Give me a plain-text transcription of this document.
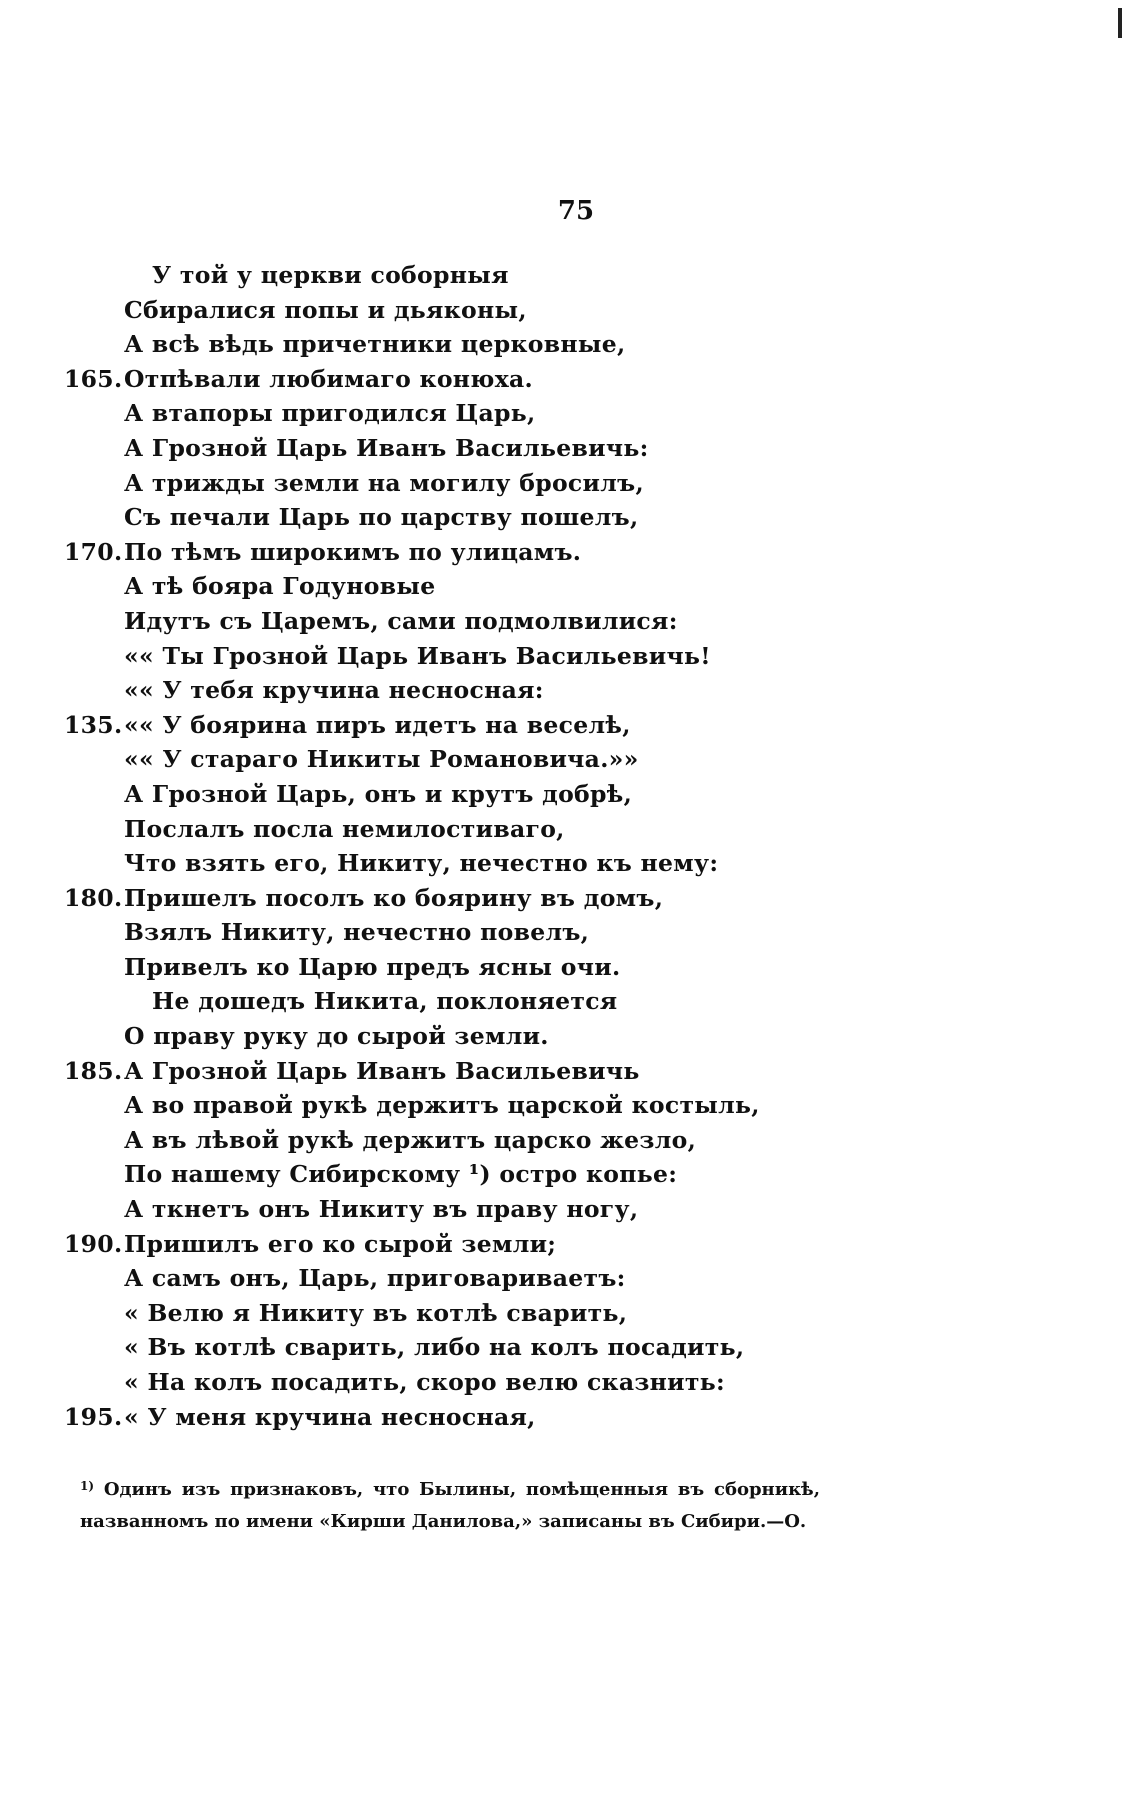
75
У той у церкви соборныя
Сбиралися попы и дьяконы,
А всѣ вѣдь причетники церковные,
165. Отпѣвали любимаго конюха.
А втапоры пригодился Царь,
А Грозной Царь Иванъ Васильевичь:
А трижды земли на могилу бросилъ,
Съ печали Царь по царству пошелъ,
170. По тѣмъ широкимъ по улицамъ.
А тѣ бояра Годуновые
Идутъ съ Царемъ, сами подмолвилися:
«« Ты Грозной Царь Иванъ Васильевичь!
«« У тебя кручина несносная:
135. «« У боярина пиръ идетъ на веселѣ,
«« У стараго Никиты Романовича.»»
А Грозной Царь, онъ и крутъ добрѣ,
Послалъ посла немилостиваго,
Что взять его, Никиту, нечестно къ нему:
180. Пришелъ посолъ ко боярину въ домъ,
Взялъ Никиту, нечестно повелъ,
Привелъ ко Царю предъ ясны очи.
Не дошедъ Никита, поклоняется
О праву руку до сырой земли.
185. А Грозной Царь Иванъ Васильевичь
А во правой рукѣ держитъ царской костыль,
А въ лѣвой рукѣ держитъ царско жезло,
По нашему Сибирскому ¹) остро копье:
А ткнетъ онъ Никиту въ праву ногу,
190. Пришилъ его ко сырой земли;
А самъ онъ, Царь, приговариваетъ:
« Велю я Никиту въ котлѣ сварить,
« Въ котлѣ сварить, либо на колъ посадить,
« На колъ посадить, скоро велю сказнить:
195. « У меня кручина несносная,
$^{1)}$ Одинъ изъ признаковъ, что Былины, помѣщенныя въ сборникѣ, названномъ по имени «Кирши Данилова,» записаны въ Сибири.—О.
